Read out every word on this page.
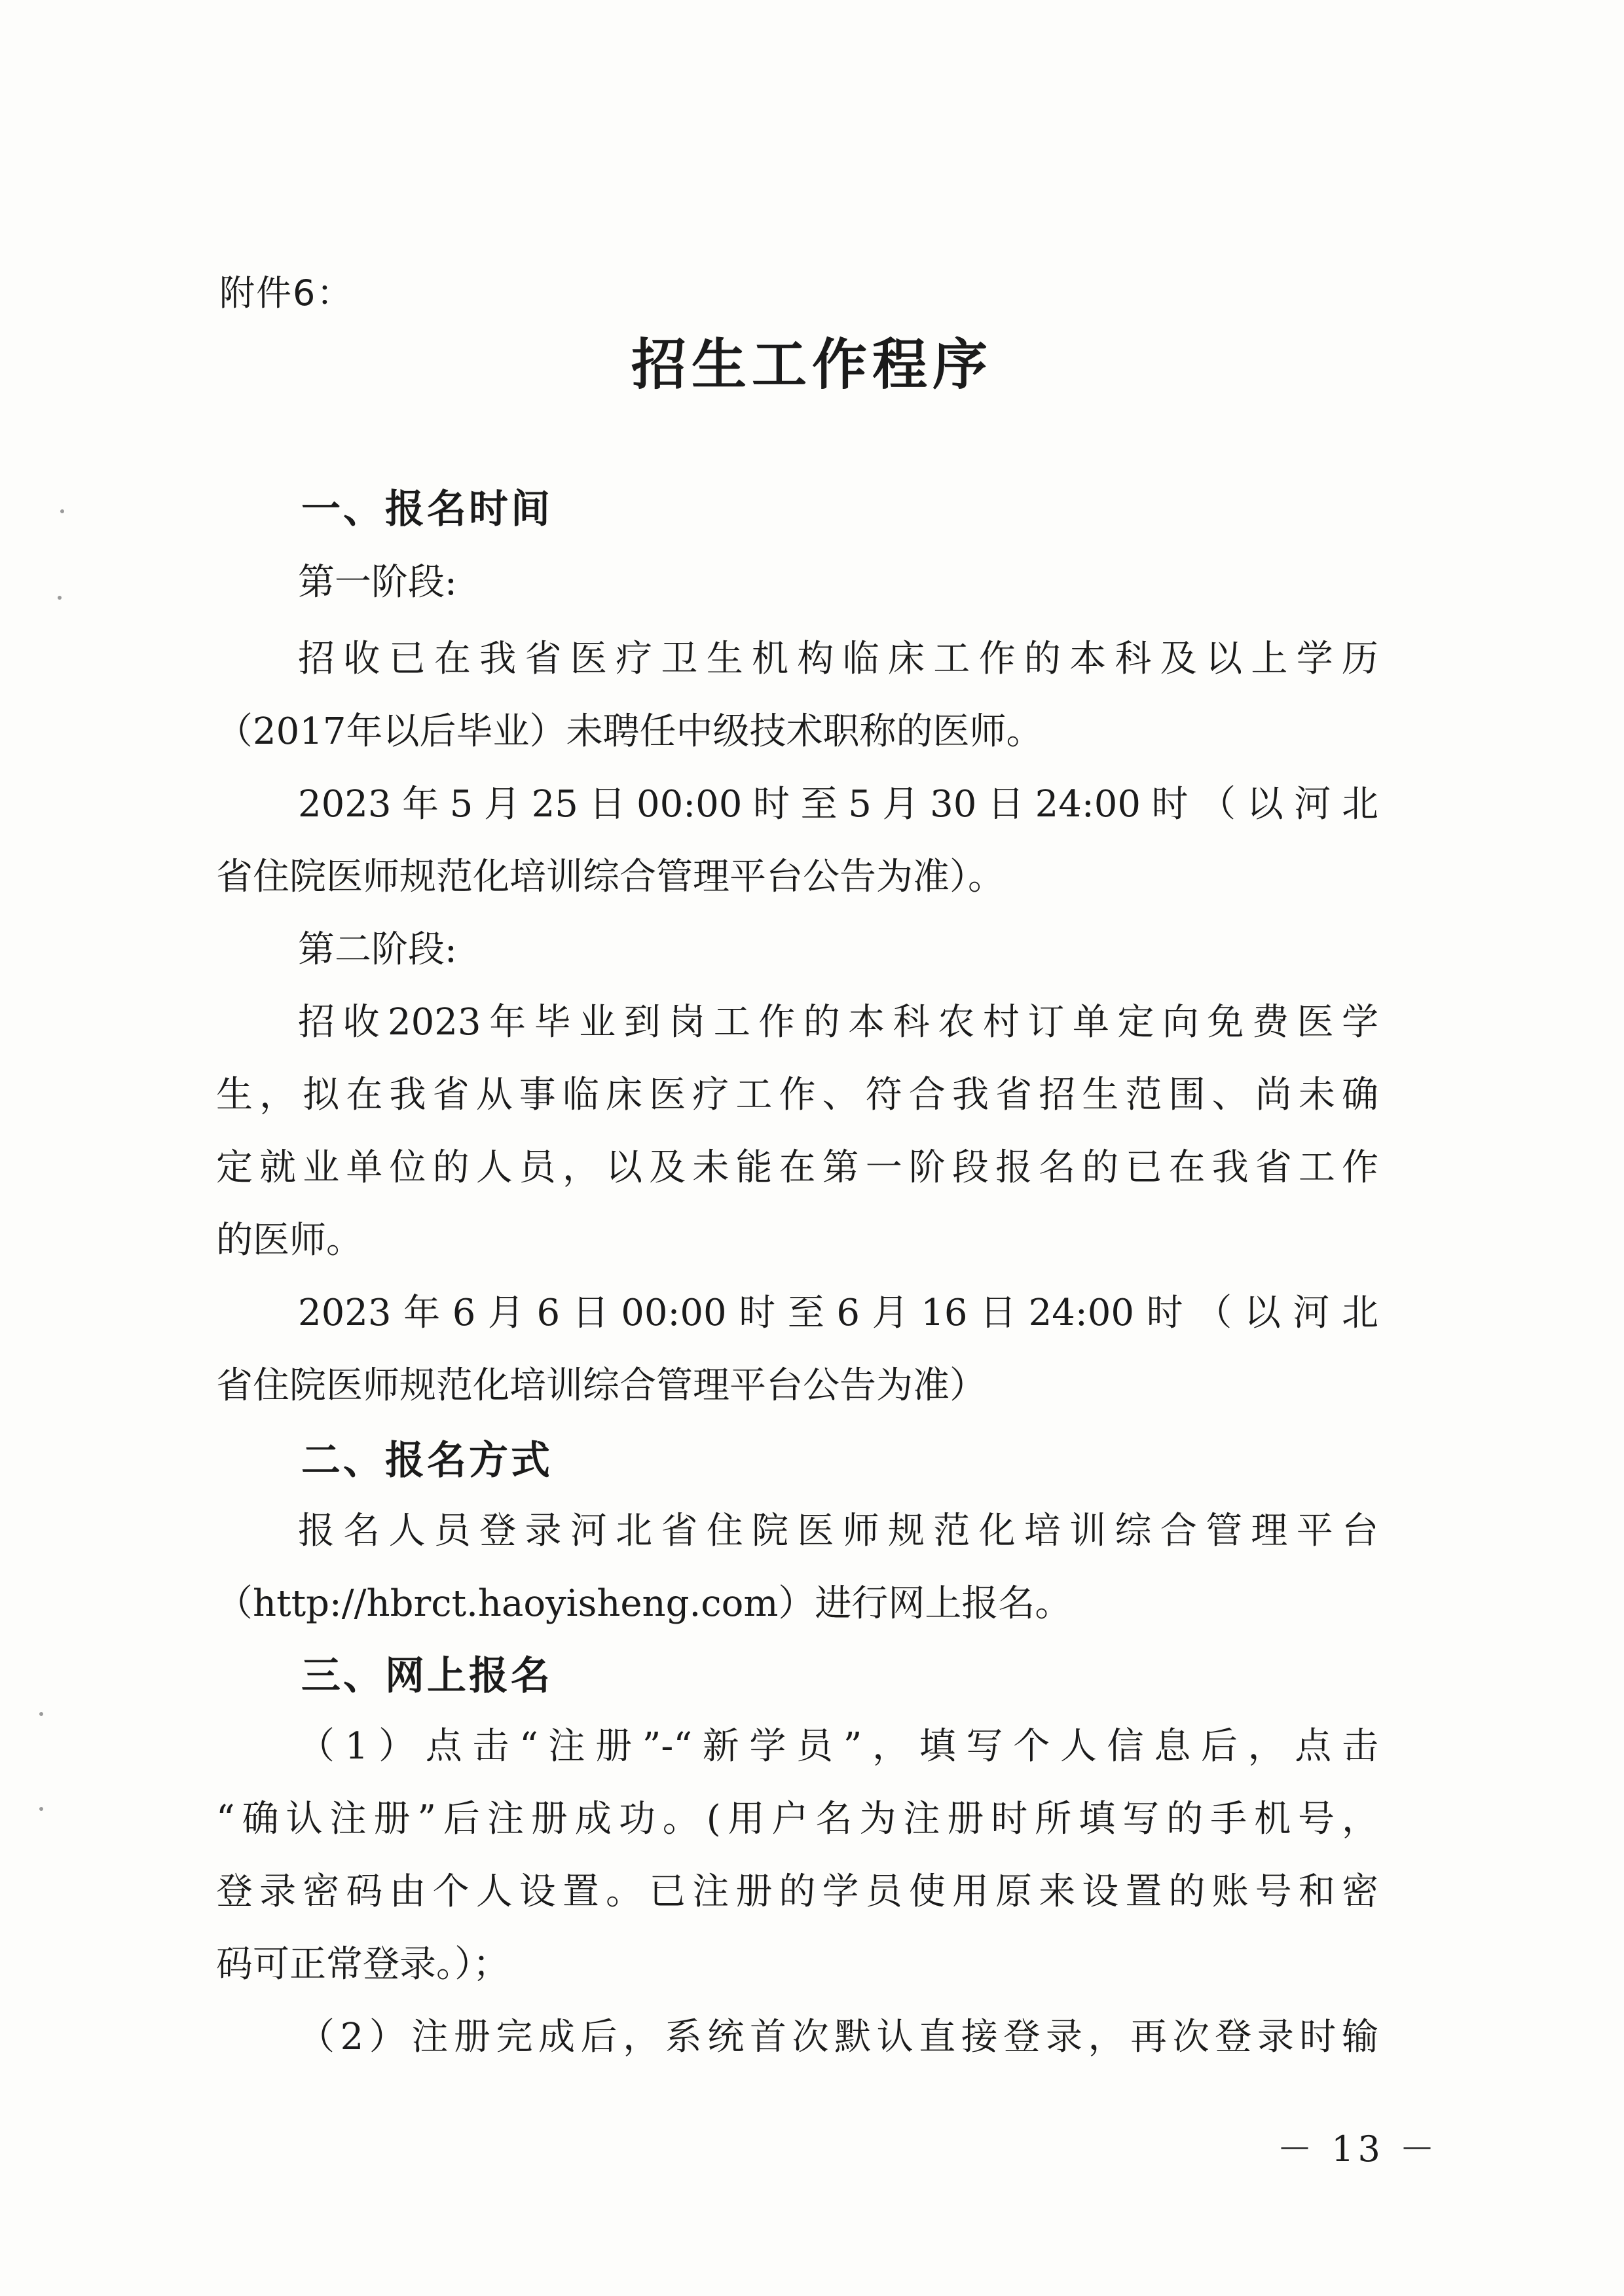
附件6：
招生工作程序
一、报名时间
第一阶段:
招收已在我省医疗卫生机构临床工作的本科及以上学历
（2017年以后毕业）未聘任中级技术职称的医师。
2023年5月25日00:00时至5月30日24:00时（以河北
省住院医师规范化培训综合管理平台公告为准）。
第二阶段:
招收2023年毕业到岗工作的本科农村订单定向免费医学
生，拟在我省从事临床医疗工作、符合我省招生范围、尚未确
定就业单位的人员，以及未能在第一阶段报名的已在我省工作
的医师。
2023年6月6日00:00时至6月16日24:00时（以河北
省住院医师规范化培训综合管理平台公告为准）
二、报名方式
报名人员登录河北省住院医师规范化培训综合管理平台
（http://hbrct.haoyisheng.com）进行网上报名。
三、网上报名
（1）点击“注册”-“新学员”，填写个人信息后，点击
“确认注册”后注册成功。(用户名为注册时所填写的手机号，
登录密码由个人设置。已注册的学员使用原来设置的账号和密
码可正常登录。）；
（2）注册完成后，系统首次默认直接登录，再次登录时输
－ 13 －
